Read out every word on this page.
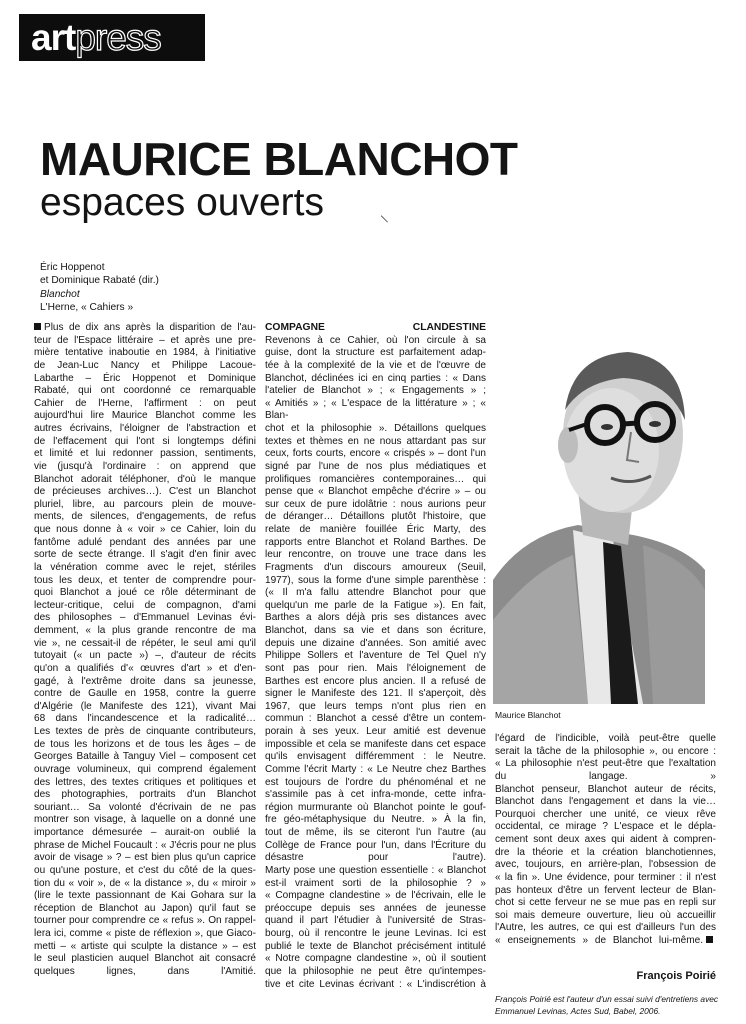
artpress
MAURICE BLANCHOT
espaces ouverts	/
Éric Hoppenot
et Dominique Rabaté (dir.)
Blanchot
L'Herne, « Cahiers »

Plus de dix ans après la disparition de l'au-

teur de l'Espace littéraire – et après une pre-

mière tentative inaboutie en 1984, à l'initiative

de Jean-Luc Nancy et Philippe Lacoue-

Labarthe – Éric Hoppenot et Dominique

Rabaté, qui ont coordonné ce remarquable

Cahier de l'Herne, l'affirment : on peut

aujourd'hui lire Maurice Blanchot comme les

autres écrivains, l'éloigner de l'abstraction et

de l'effacement qui l'ont si longtemps défini

et limité et lui redonner passion, sentiments,

vie (jusqu'à l'ordinaire : on apprend que

Blanchot adorait téléphoner, d'où le manque

de précieuses archives…). C'est un Blanchot

pluriel, libre, au parcours plein de mouve-

ments, de silences, d'engagements, de refus

que nous donne à « voir » ce Cahier, loin du

fantôme adulé pendant des années par une

sorte de secte étrange. Il s'agit d'en finir avec

la vénération comme avec le rejet, stériles

tous les deux, et tenter de comprendre pour-

quoi Blanchot a joué ce rôle déterminant de

lecteur-critique, celui de compagnon, d'ami

des philosophes – d'Emmanuel Levinas évi-

demment, « la plus grande rencontre de ma

vie », ne cessait-il de répéter, le seul ami qu'il

tutoyait (« un pacte ») –, d'auteur de récits

qu'on a qualifiés d'« œuvres d'art » et d'en-

gagé, à l'extrême droite dans sa jeunesse,

contre de Gaulle en 1958, contre la guerre

d'Algérie (le Manifeste des 121), vivant Mai

68 dans l'incandescence et la radicalité…

Les textes de près de cinquante contributeurs,

de tous les horizons et de tous les âges – de

Georges Bataille à Tanguy Viel – composent cet

ouvrage volumineux, qui comprend également

des lettres, des textes critiques et politiques et

des photographies, portraits d'un Blanchot

souriant… Sa volonté d'écrivain de ne pas

montrer son visage, à laquelle on a donné une

importance démesurée – aurait-on oublié la

phrase de Michel Foucault : « J'écris pour ne plus

avoir de visage » ? – est bien plus qu'un caprice

ou qu'une posture, et c'est du côté de la ques-

tion du « voir », de « la distance », du « miroir »

(lire le texte passionnant de Kai Gohara sur la

réception de Blanchot au Japon) qu'il faut se

tourner pour comprendre ce « refus ». On rappel-

lera ici, comme « piste de réflexion », que Giaco-

metti – « artiste qui sculpte la distance » – est

le seul plasticien auquel Blanchot ait consacré

quelques lignes, dans l'Amitié.

COMPAGNE CLANDESTINE

Revenons à ce Cahier, où l'on circule à sa

guise, dont la structure est parfaitement adap-

tée à la complexité de la vie et de l'œuvre de

Blanchot, déclinées ici en cinq parties : « Dans

l'atelier de Blanchot » ; « Engagements » ;

« Amitiés » ; « L'espace de la littérature » ; « Blan-

chot et la philosophie ». Détaillons quelques

textes et thèmes en ne nous attardant pas sur

ceux, forts courts, encore « crispés » – dont l'un

signé par l'une de nos plus médiatiques et

prolifiques romancières contemporaines… qui

pense que « Blanchot empêche d'écrire » – ou

sur ceux de pure idolâtrie : nous aurions peur

de déranger… Détaillons plutôt l'histoire, que

relate de manière fouillée Éric Marty, des

rapports entre Blanchot et Roland Barthes. De

leur rencontre, on trouve une trace dans les

Fragments d'un discours amoureux (Seuil,

1977), sous la forme d'une simple parenthèse :

(« Il m'a fallu attendre Blanchot pour que

quelqu'un me parle de la Fatigue »). En fait,

Barthes a alors déjà pris ses distances avec

Blanchot, dans sa vie et dans son écriture,

depuis une dizaine d'années. Son amitié avec

Philippe Sollers et l'aventure de Tel Quel n'y

sont pas pour rien. Mais l'éloignement de

Barthes est encore plus ancien. Il a refusé de

signer le Manifeste des 121. Il s'aperçoit, dès

1967, que leurs temps n'ont plus rien en

commun : Blanchot a cessé d'être un contem-

porain à ses yeux. Leur amitié est devenue

impossible et cela se manifeste dans cet espace

qu'ils envisagent différemment : le Neutre.

Comme l'écrit Marty : « Le Neutre chez Barthes

est toujours de l'ordre du phénoménal et ne

s'assimile pas à cet infra-monde, cette infra-

région murmurante où Blanchot pointe le gouf-

fre géo-métaphysique du Neutre. » À la fin,

tout de même, ils se citeront l'un l'autre (au

Collège de France pour l'un, dans l'Écriture du

désastre pour l'autre).

Marty pose une question essentielle : « Blanchot

est-il vraiment sorti de la philosophie ? »

« Compagne clandestine » de l'écrivain, elle le

préoccupe depuis ses années de jeunesse

quand il part l'étudier à l'université de Stras-

bourg, où il rencontre le jeune Levinas. Ici est

publié le texte de Blanchot précisément intitulé

« Notre compagne clandestine », où il soutient

que la philosophie ne peut être qu'intempes-

tive et cite Levinas écrivant : « L'indiscrétion à

Maurice Blanchot

l'égard de l'indicible, voilà peut-être quelle

serait la tâche de la philosophie », ou encore :

« La philosophie n'est peut-être que l'exaltation

du langage. »

Blanchot penseur, Blanchot auteur de récits,

Blanchot dans l'engagement et dans la vie…

Pourquoi chercher une unité, ce vieux rêve

occidental, ce mirage ? L'espace et le dépla-

cement sont deux axes qui aident à compren-

dre la théorie et la création blanchotiennes,

avec, toujours, en arrière-plan, l'obsession de

« la fin ». Une évidence, pour terminer : il n'est

pas honteux d'être un fervent lecteur de Blan-

chot si cette ferveur ne se mue pas en repli sur

soi mais demeure ouverture, lieu où accueillir

l'Autre, les autres, ce qui est d'ailleurs l'un des

« enseignements » de Blanchot lui-même.

François Poirié
François Poirié est l'auteur d'un essai suivi d'entretiens avec
Emmanuel Levinas, Actes Sud, Babel, 2006.
